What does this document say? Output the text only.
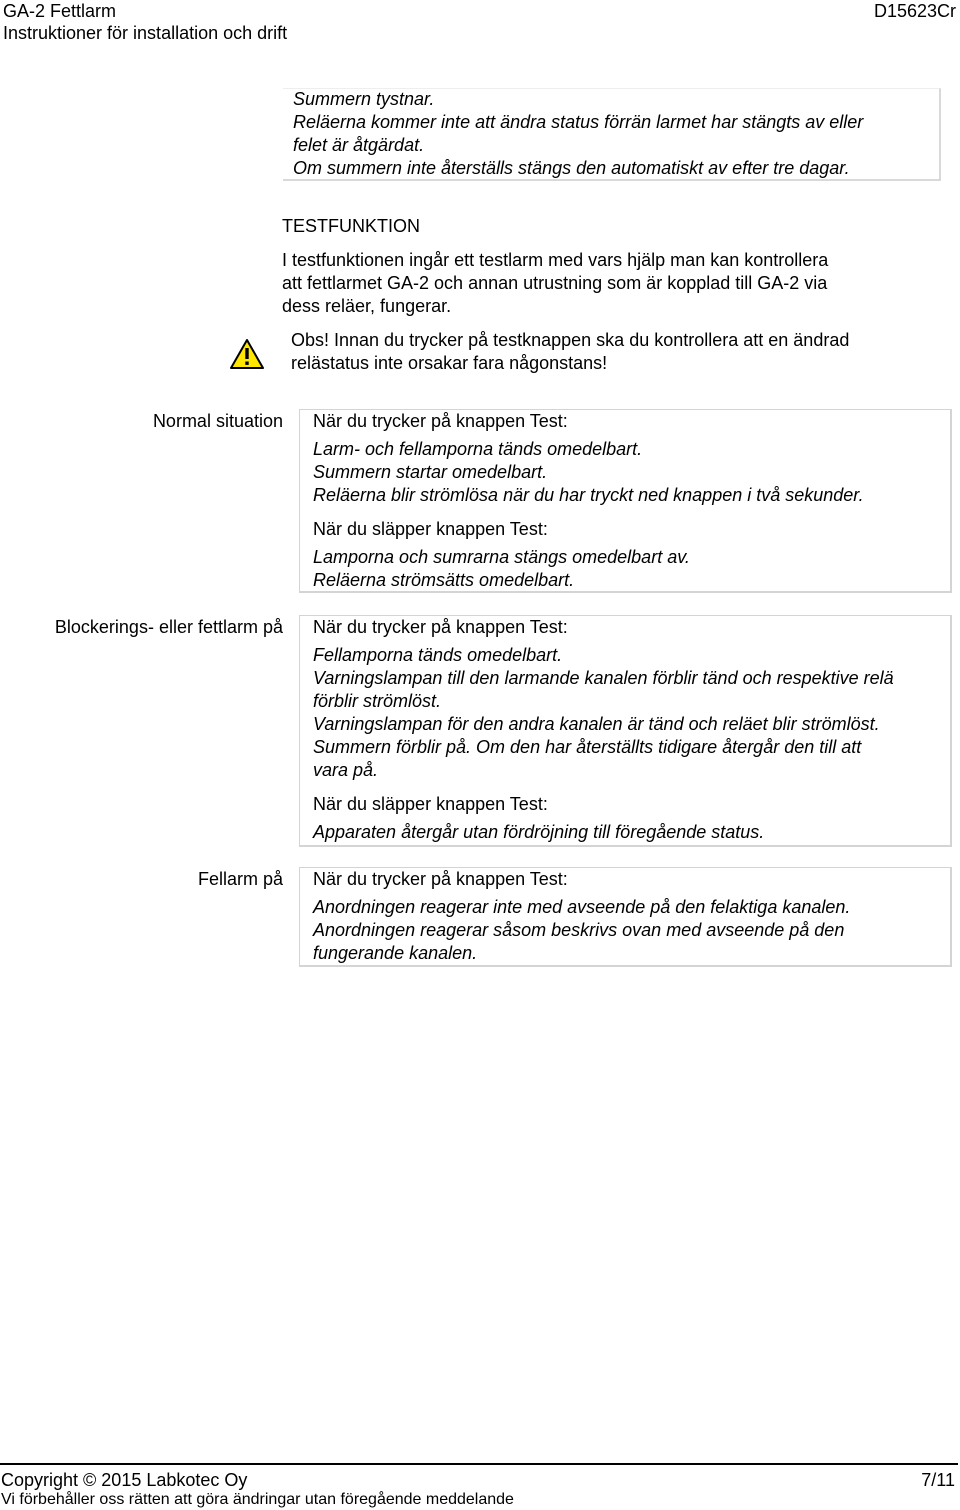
GA-2 Fettlarm
Instruktioner för installation och drift
D15623Cr
Summern tystnar.
Reläerna kommer inte att ändra status förrän larmet har stängts av eller
felet är åtgärdat.
Om summern inte återställs stängs den automatiskt av efter tre dagar.
TESTFUNKTION
I testfunktionen ingår ett testlarm med vars hjälp man kan kontrollera
att fettlarmet GA-2 och annan utrustning som är kopplad till GA-2 via
dess reläer, fungerar.
Obs! Innan du trycker på testknappen ska du kontrollera att en ändrad
relästatus inte orsakar fara någonstans!
Normal situation När du trycker på knappen Test:
Larm- och fellamporna tänds omedelbart.
Summern startar omedelbart.
Reläerna blir strömlösa när du har tryckt ned knappen i två sekunder.
När du släpper knappen Test:
Lamporna och sumrarna stängs omedelbart av.
Reläerna strömsätts omedelbart.
Blockerings- eller fettlarm på När du trycker på knappen Test:
Fellamporna tänds omedelbart.
Varningslampan till den larmande kanalen förblir tänd och respektive relä
förblir strömlöst.
Varningslampan för den andra kanalen är tänd och reläet blir strömlöst.
Summern förblir på. Om den har återställts tidigare återgår den till att
vara på.
När du släpper knappen Test:
Apparaten återgår utan fördröjning till föregående status.
Fellarm på När du trycker på knappen Test:
Anordningen reagerar inte med avseende på den felaktiga kanalen.
Anordningen reagerar såsom beskrivs ovan med avseende på den
fungerande kanalen.
Copyright © 2015 Labkotec Oy	7/11
Vi förbehåller oss rätten att göra ändringar utan föregående meddelande
